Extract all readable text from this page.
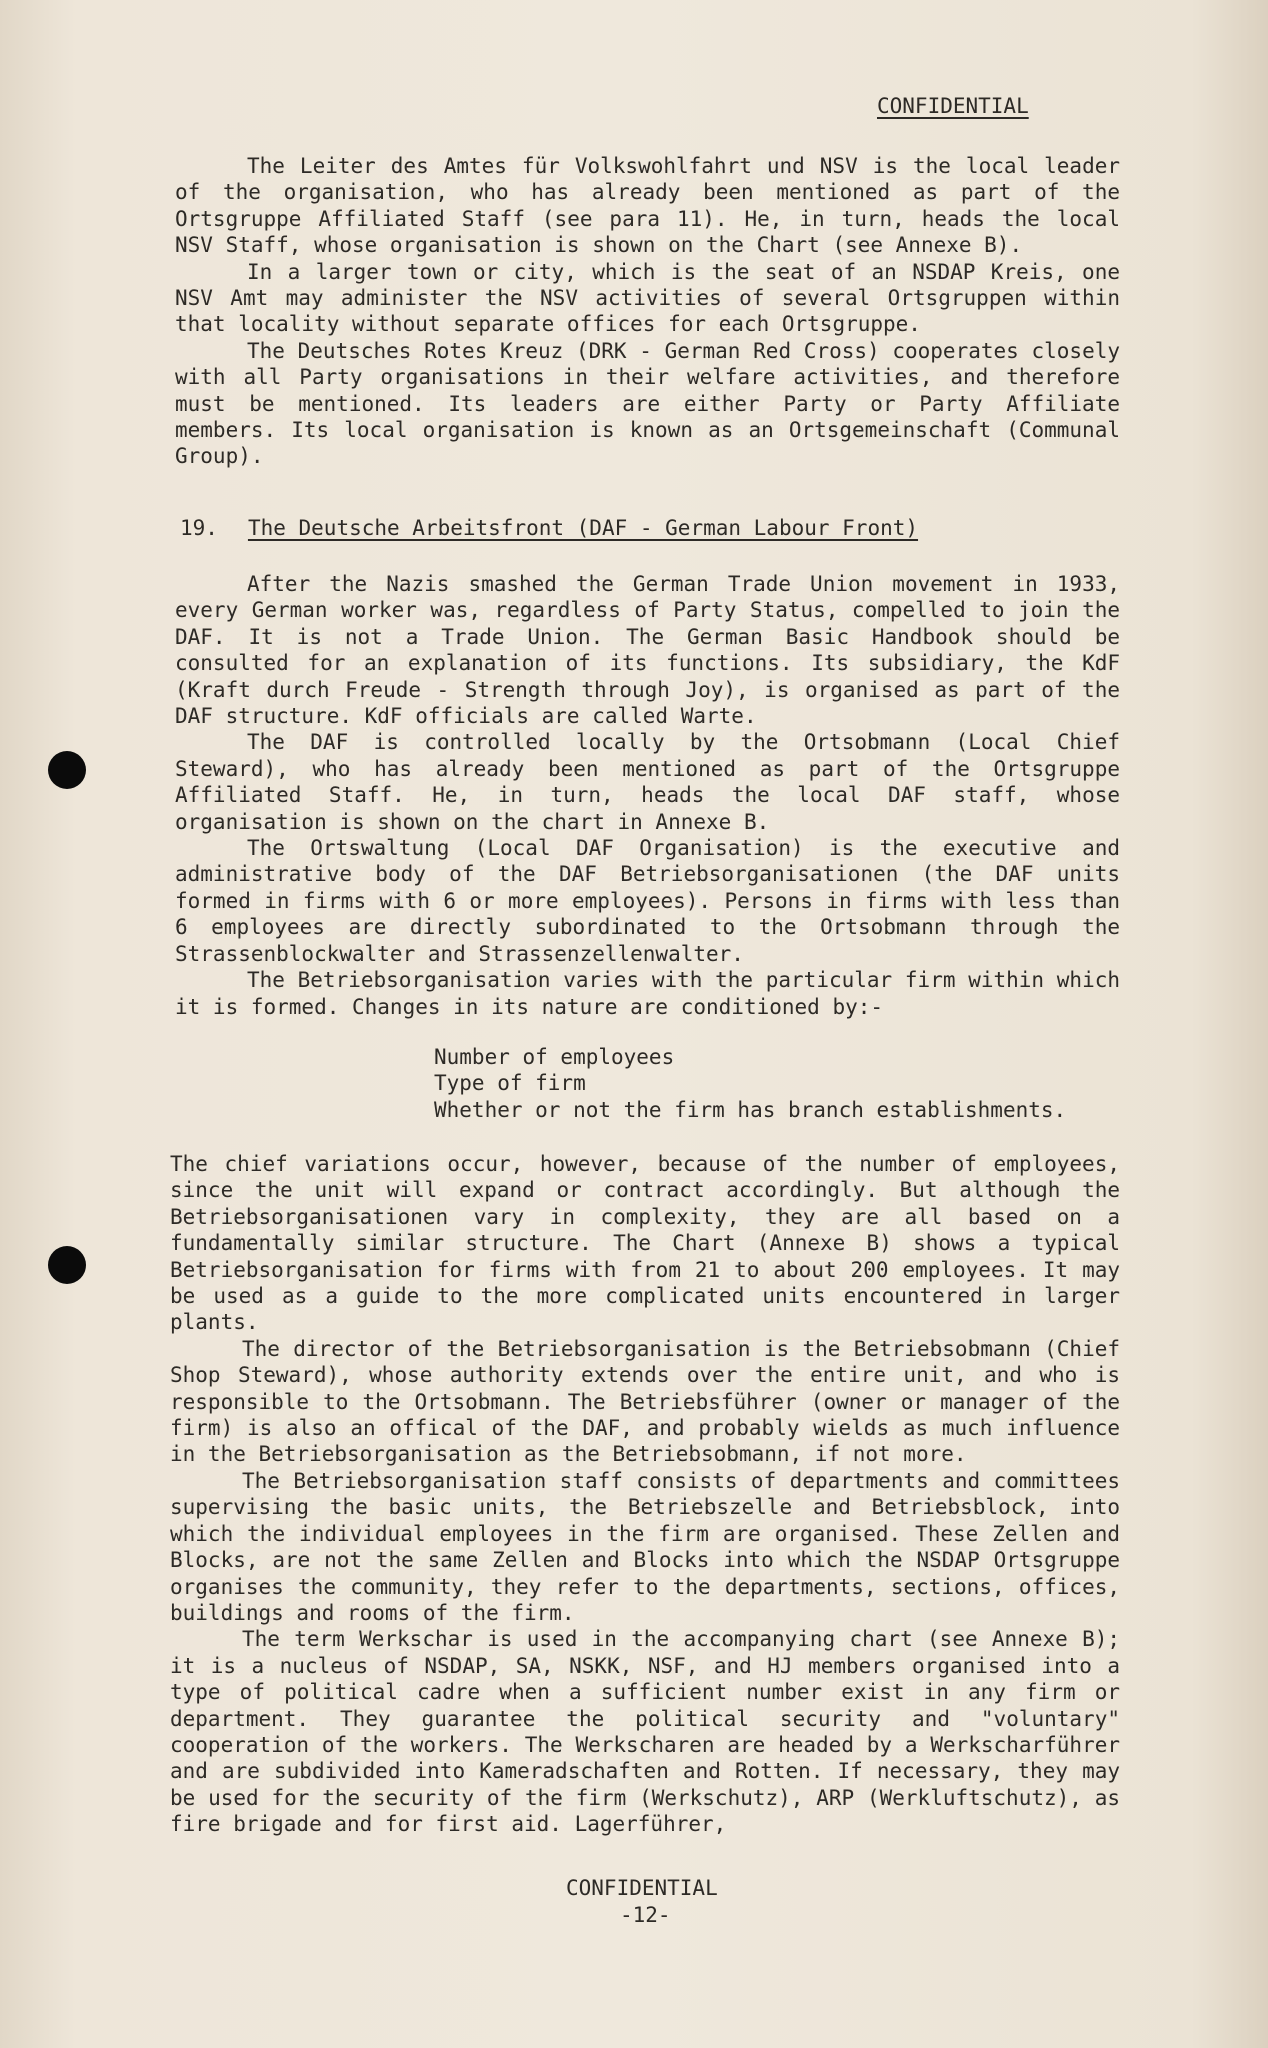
CONFIDENTIAL

The Leiter des Amtes für Volkswohlfahrt und NSV is the local leader of the organisation, who has already been mentioned as part of the Ortsgruppe Affiliated Staff (see para 11). He, in turn, heads the local NSV Staff, whose organisation is shown on the Chart (see Annexe B).

In a larger town or city, which is the seat of an NSDAP Kreis, one NSV Amt may administer the NSV activities of several Ortsgruppen within that locality without separate offices for each Ortsgruppe.

The Deutsches Rotes Kreuz (DRK - German Red Cross) cooperates closely with all Party organisations in their welfare activities, and therefore must be mentioned. Its leaders are either Party or Party Affiliate members. Its local organisation is known as an Ortsgemeinschaft (Communal Group).

19. The Deutsche Arbeitsfront (DAF - German Labour Front)

After the Nazis smashed the German Trade Union movement in 1933, every German worker was, regardless of Party Status, compelled to join the DAF. It is not a Trade Union. The German Basic Handbook should be consulted for an explanation of its functions. Its subsidiary, the KdF (Kraft durch Freude - Strength through Joy), is organised as part of the DAF structure. KdF officials are called Warte.

The DAF is controlled locally by the Ortsobmann (Local Chief Steward), who has already been mentioned as part of the Ortsgruppe Affiliated Staff. He, in turn, heads the local DAF staff, whose organisation is shown on the chart in Annexe B.

The Ortswaltung (Local DAF Organisation) is the executive and administrative body of the DAF Betriebsorganisationen (the DAF units formed in firms with 6 or more employees). Persons in firms with less than 6 employees are directly subordinated to the Ortsobmann through the Strassenblockwalter and Strassenzellenwalter.

The Betriebsorganisation varies with the particular firm within which it is formed. Changes in its nature are conditioned by:-

Number of employees
Type of firm
Whether or not the firm has branch establishments.

The chief variations occur, however, because of the number of employees, since the unit will expand or contract accordingly. But although the Betriebsorganisationen vary in complexity, they are all based on a fundamentally similar structure. The Chart (Annexe B) shows a typical Betriebsorganisation for firms with from 21 to about 200 employees. It may be used as a guide to the more complicated units encountered in larger plants.

The director of the Betriebsorganisation is the Betriebsobmann (Chief Shop Steward), whose authority extends over the entire unit, and who is responsible to the Ortsobmann. The Betriebsführer (owner or manager of the firm) is also an offical of the DAF, and probably wields as much influence in the Betriebsorganisation as the Betriebsobmann, if not more.

The Betriebsorganisation staff consists of departments and committees supervising the basic units, the Betriebszelle and Betriebsblock, into which the individual employees in the firm are organised. These Zellen and Blocks, are not the same Zellen and Blocks into which the NSDAP Ortsgruppe organises the community, they refer to the departments, sections, offices, buildings and rooms of the firm.

The term Werkschar is used in the accompanying chart (see Annexe B); it is a nucleus of NSDAP, SA, NSKK, NSF, and HJ members organised into a type of political cadre when a sufficient number exist in any firm or department. They guarantee the political security and "voluntary" cooperation of the workers. The Werkscharen are headed by a Werkscharführer and are subdivided into Kameradschaften and Rotten. If necessary, they may be used for the security of the firm (Werkschutz), ARP (Werkluftschutz), as fire brigade and for first aid. Lagerführer,

CONFIDENTIAL
-12-
